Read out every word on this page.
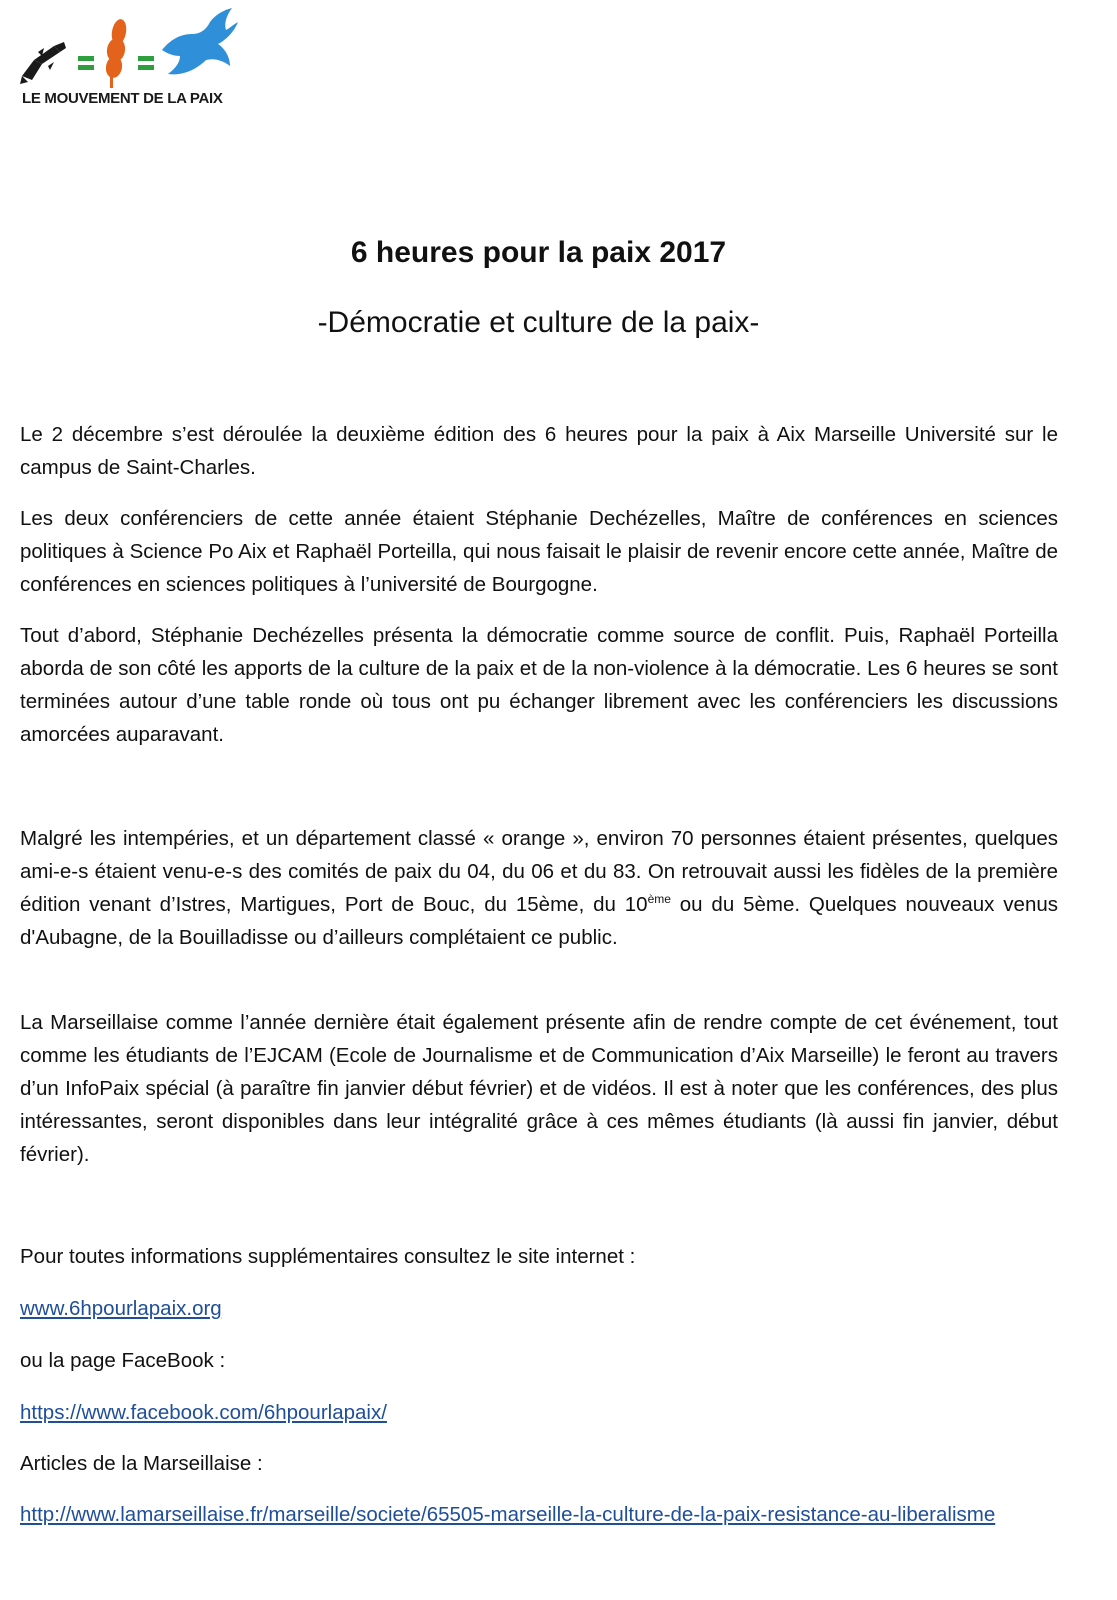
LE MOUVEMENT DE LA PAIX
6 heures pour la paix 2017
-Démocratie et culture de la paix-

Le 2 décembre s’est déroulée la deuxième édition des 6 heures pour la paix à Aix Marseille Université sur le campus de Saint-Charles.

Les deux conférenciers de cette année étaient Stéphanie Dechézelles, Maître de conférences en sciences politiques à Science Po Aix et Raphaël Porteilla, qui nous faisait le plaisir de revenir encore cette année, Maître de conférences en sciences politiques à l’université de Bourgogne.

Tout d’abord, Stéphanie Dechézelles présenta la démocratie comme source de conflit. Puis, Raphaël Porteilla aborda de son côté les apports de la culture de la paix et de la non-violence à la démocratie. Les 6 heures se sont terminées autour d’une table ronde où tous ont pu échanger librement avec les conférenciers les discussions amorcées auparavant.

Malgré les intempéries, et un département classé « orange », environ 70 personnes étaient présentes, quelques ami-e-s étaient venu-e-s des comités de paix du 04, du 06 et du 83. On retrouvait aussi les fidèles de la première édition venant d’Istres, Martigues, Port de Bouc, du 15ème, du 10ème ou du 5ème. Quelques nouveaux venus d'Aubagne, de la Bouilladisse ou d’ailleurs complétaient ce public.

La Marseillaise comme l’année dernière était également présente afin de rendre compte de cet événement, tout comme les étudiants de l’EJCAM (Ecole de Journalisme et de Communication d’Aix Marseille) le feront au travers d’un InfoPaix spécial (à paraître fin janvier début février) et de vidéos. Il est à noter que les conférences, des plus intéressantes, seront disponibles dans leur intégralité grâce à ces mêmes étudiants (là aussi fin janvier, début février).

Pour toutes informations supplémentaires consultez le site internet :

www.6hpourlapaix.org

ou la page FaceBook :

https://www.facebook.com/6hpourlapaix/

Articles de la Marseillaise :

http://www.lamarseillaise.fr/marseille/societe/65505-marseille-la-culture-de-la-paix-resistance-au-liberalisme
